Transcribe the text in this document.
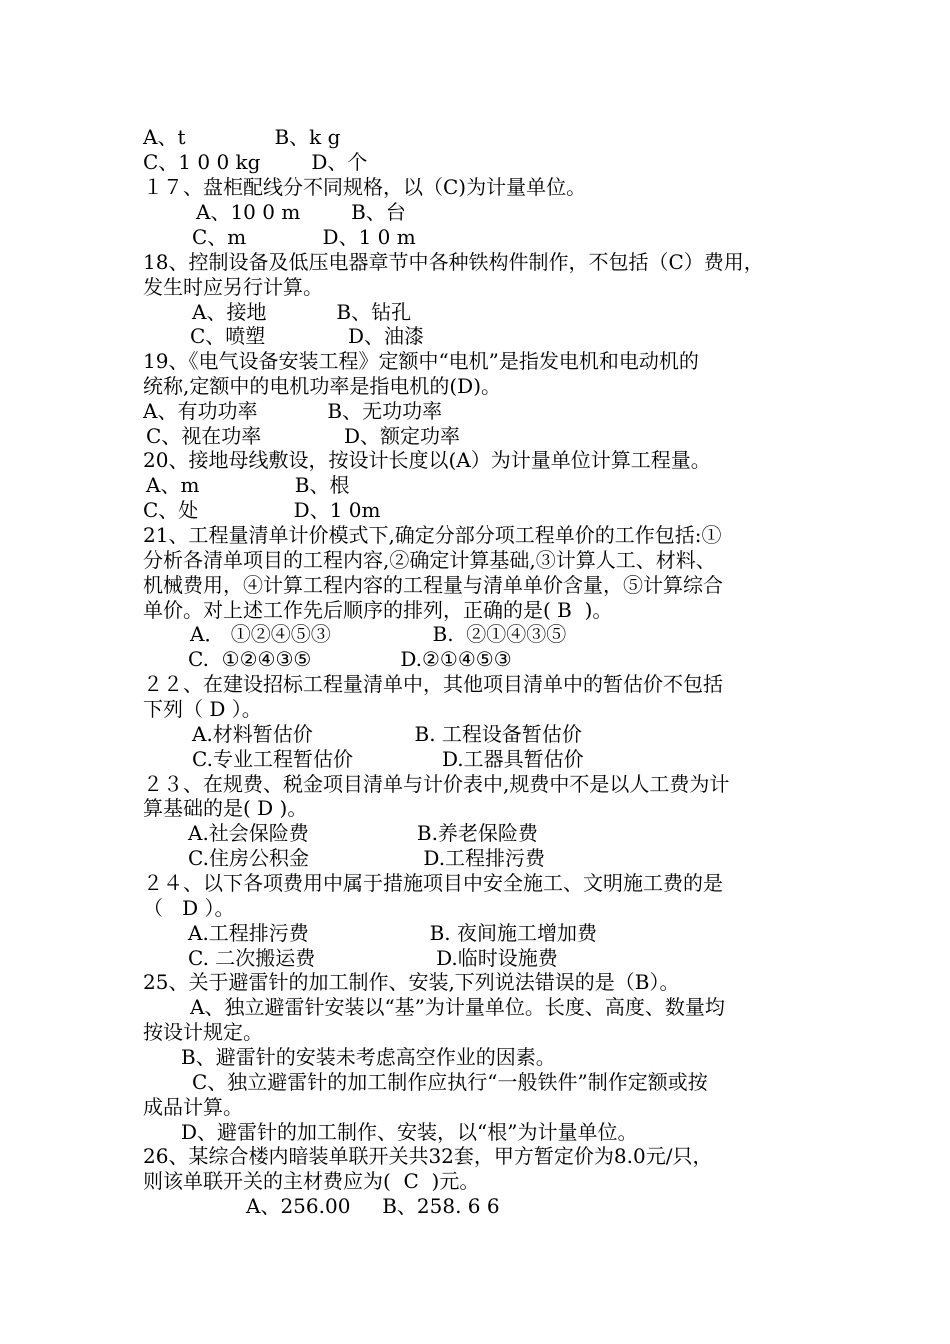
A、t              B、k g
C、1 0 0 kg        D、个
１７、盘柜配线分不同规格，以（C)为计量单位。
A、10 0 m        B、台
C、m            D、1 0 m
18、控制设备及低压电器章节中各种铁构件制作，不包括（C）费用，
发生时应另行计算。
A、接地           B、钻孔
C、喷塑             D、油漆
19、《电气设备安装工程》定额中“电机”是指发电机和电动机的
统称,定额中的电机功率是指电机的(D)。
A、有功功率           B、无功功率
C、视在功率             D、额定功率
20、接地母线敷设，按设计长度以(A）为计量单位计算工程量。
A、m               B、根
C、处               D、1 0m
21、工程量清单计价模式下,确定分部分项工程单价的工作包括:①
分析各清单项目的工程内容,②确定计算基础,③计算人工、材料、
机械费用，④计算工程内容的工程量与清单单价含量，⑤计算综合
单价。对上述工作先后顺序的排列，正确的是( B  )。
A． ①②④⑤③                B.  ②①④③⑤
C.  ①②④③⑤              D.②①④⑤③
２２、在建设招标工程量清单中，其他项目清单中的暂估价不包括
下列（ D ）。
A.材料暂估价                B. 工程设备暂估价
C.专业工程暂估价              D.工器具暂估价
２３、在规费、税金项目清单与计价表中,规费中不是以人工费为计
算基础的是( D )。
A.社会保险费                 B.养老保险费
C.住房公积金                  D.工程排污费
２４、以下各项费用中属于措施项目中安全施工、文明施工费的是
（   D ）。
A.工程排污费                   B. 夜间施工增加费
C. 二次搬运费                   D.临时设施费
25、关于避雷针的加工制作、安装,下列说法错误的是（B）。
A、独立避雷针安装以“基”为计量单位。长度、高度、数量均
按设计规定。
B、避雷针的安装未考虑高空作业的因素。
C、独立避雷针的加工制作应执行“一般铁件”制作定额或按
成品计算。
D、避雷针的加工制作、安装，以“根”为计量单位。
26、某综合楼内暗装单联开关共32套，甲方暂定价为8.0元/只，
则该单联开关的主材费应为(  C  )元。
A、256.00     B、258. 6 6
